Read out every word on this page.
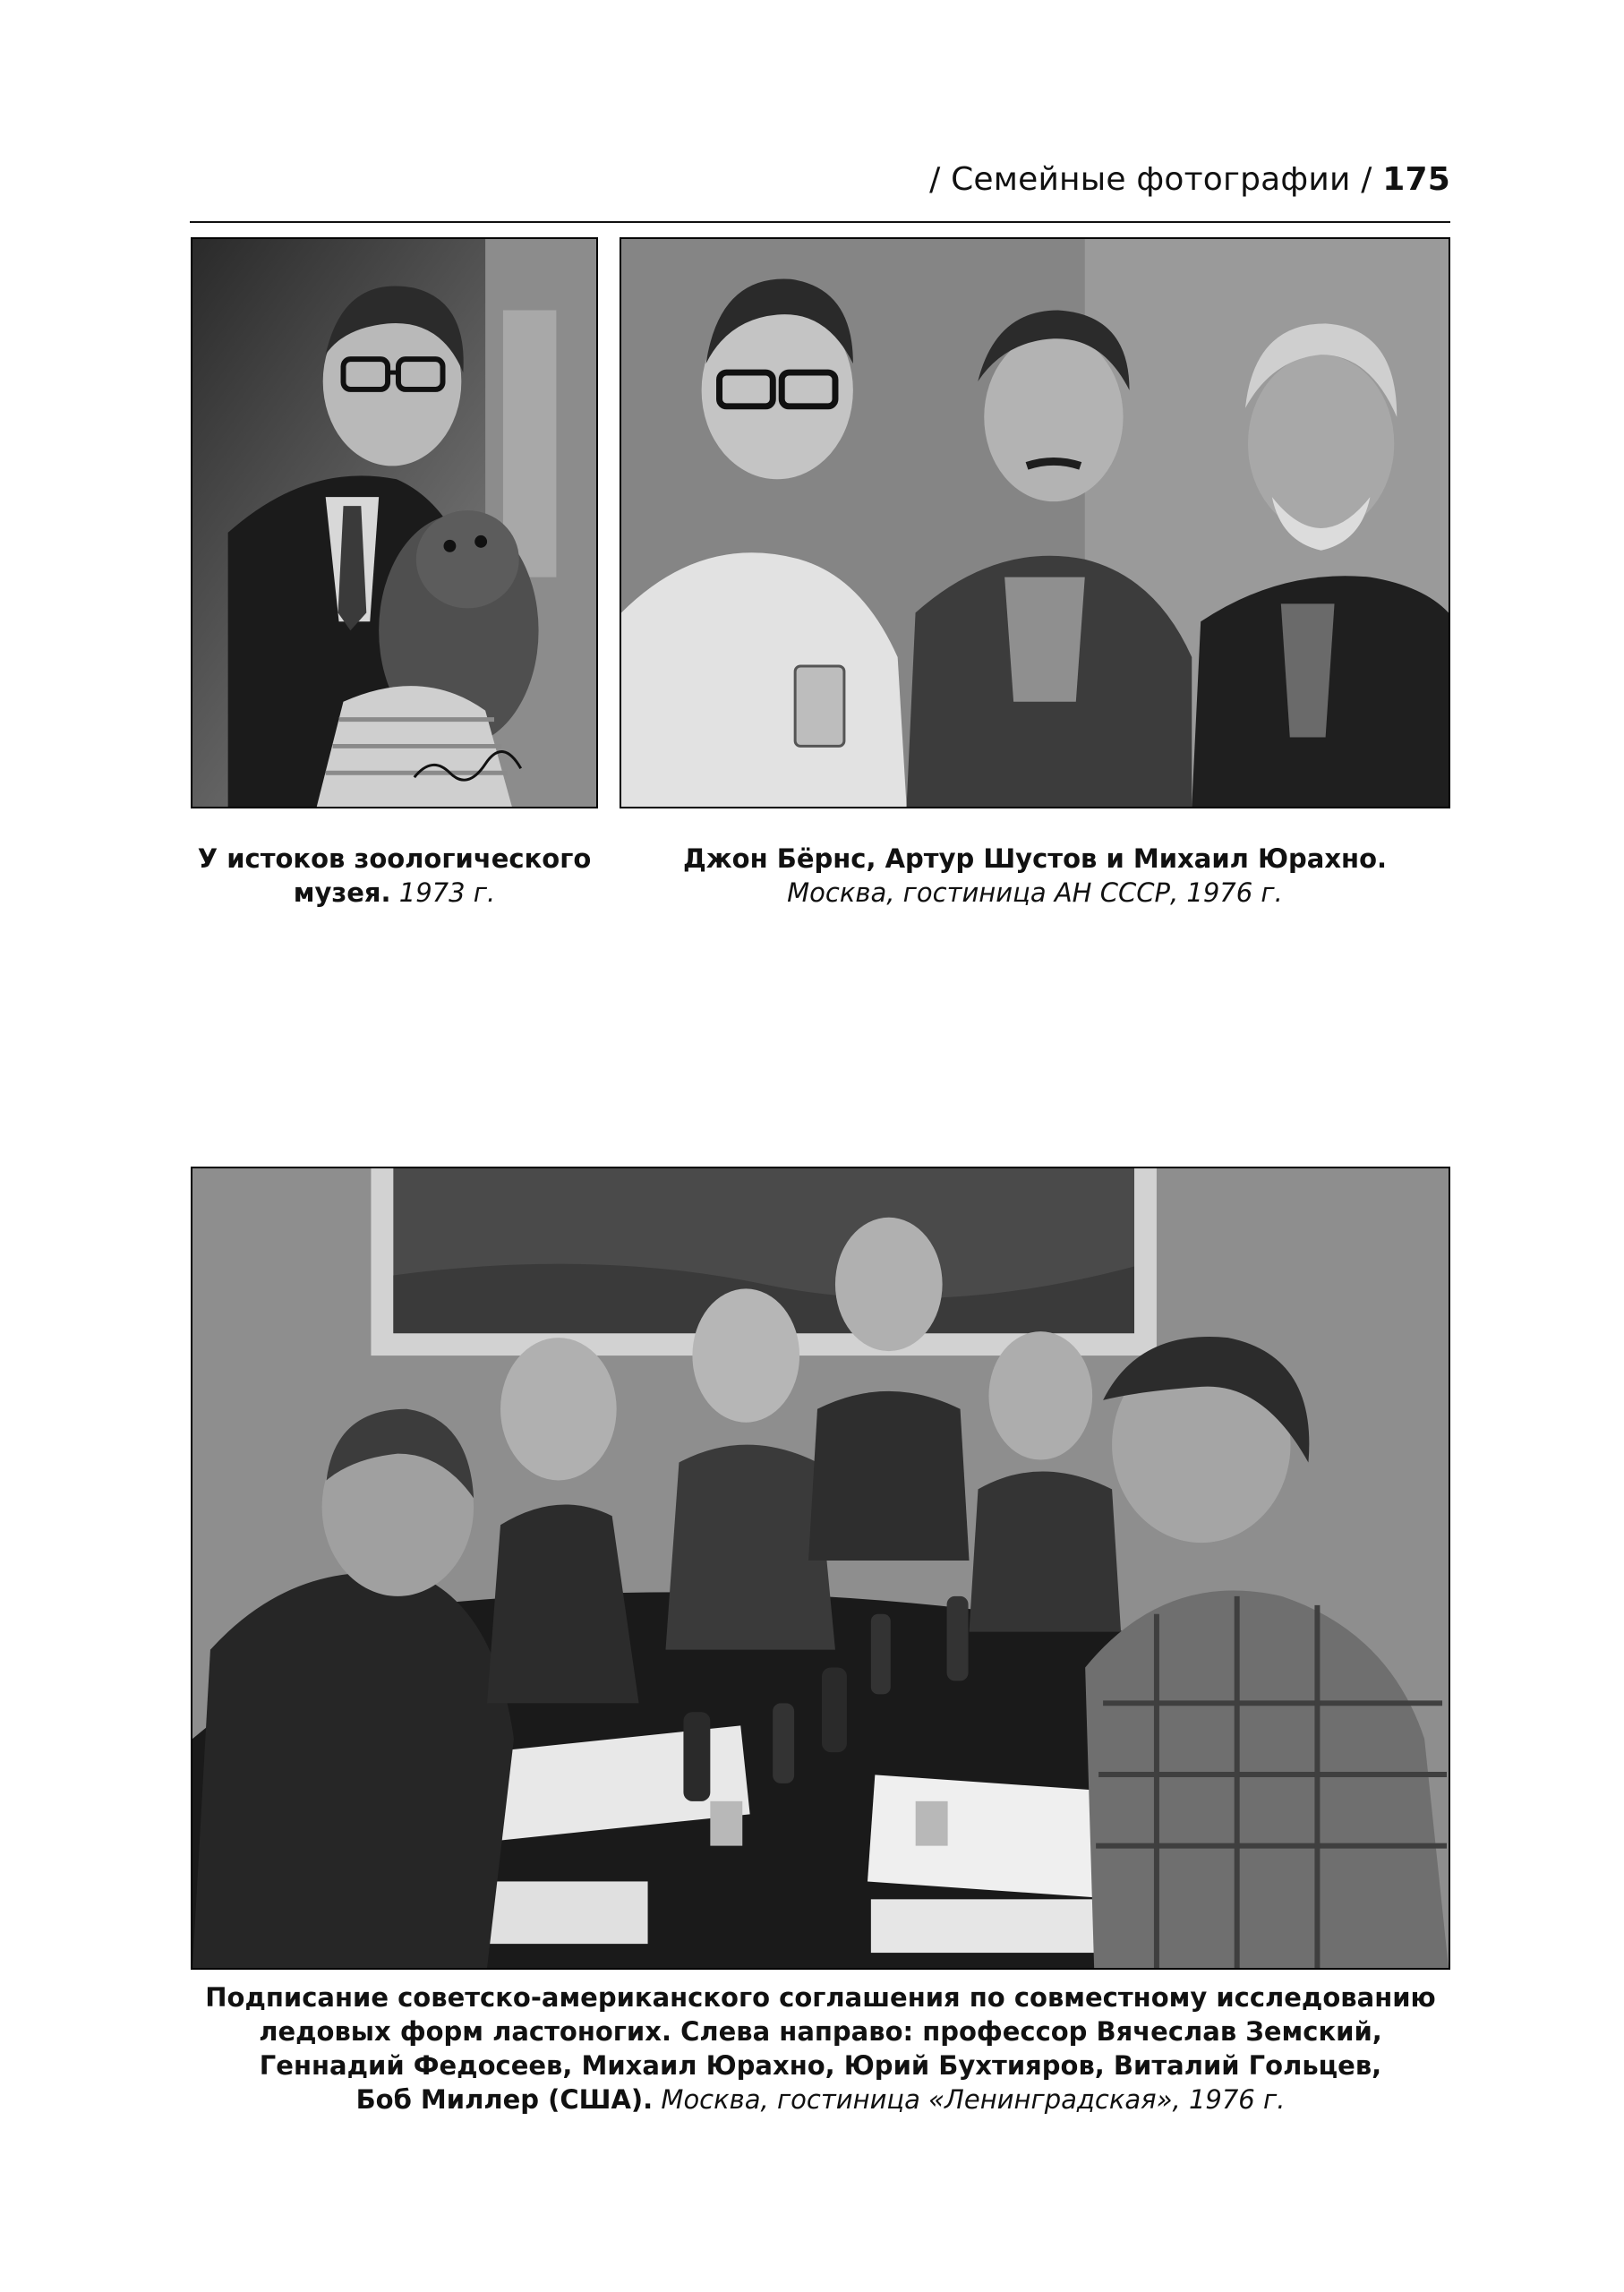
/ Семейные фотографии / 175
У истоков зоологического
музея. 1973 г.
Джон Бёрнс, Артур Шустов и Михаил Юрахно.
Москва, гостиница АН СССР, 1976 г.
Подписание советско-американского соглашения по совместному исследованию
ледовых форм ластоногих. Слева направо: профессор Вячеслав Земский,
Геннадий Федосеев, Михаил Юрахно, Юрий Бухтияров, Виталий Гольцев,
Боб Миллер (США). Москва, гостиница «Ленинградская», 1976 г.
